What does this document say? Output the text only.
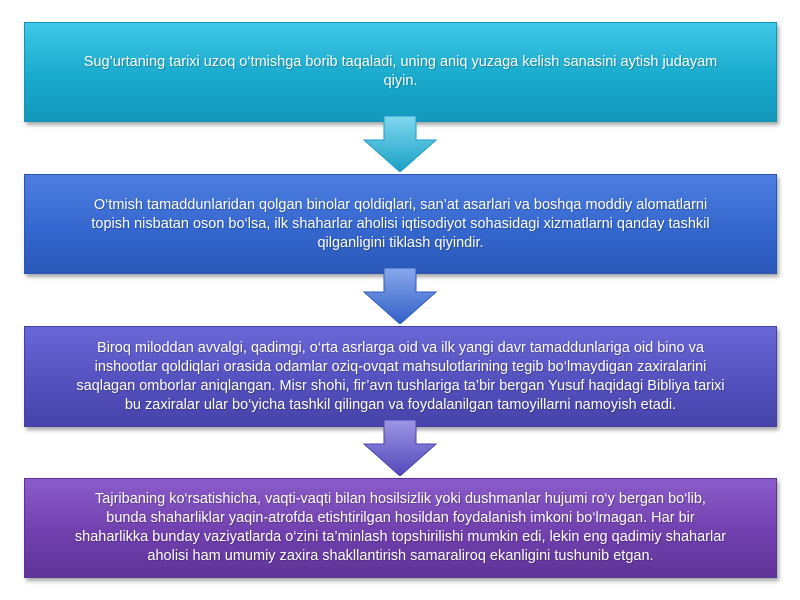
Sug’urtaning tarixi uzoq o‘tmishga borib taqaladi, uning aniq yuzaga kelish sanasini aytish judayam
qiyin.
O‘tmish tamaddunlaridan qolgan binolar qoldiqlari, san’at asarlari va boshqa moddiy alomatlarni
topish nisbatan oson bo‘lsa, ilk shaharlar aholisi iqtisodiyot sohasidagi xizmatlarni qanday tashkil
qilganligini tiklash qiyindir.
Biroq miloddan avvalgi, qadimgi, o‘rta asrlarga oid va ilk yangi davr tamaddunlariga oid bino va
inshootlar qoldiqlari orasida odamlar oziq-ovqat mahsulotlarining tegib bo‘lmaydigan zaxiralarini
saqlagan omborlar aniqlangan. Misr shohi, fir’avn tushlariga ta’bir bergan Yusuf haqidagi Bibliya tarixi
bu zaxiralar ular bo‘yicha tashkil qilingan va foydalanilgan tamoyillarni namoyish etadi.
Tajribaning ko‘rsatishicha, vaqti-vaqti bilan hosilsizlik yoki dushmanlar hujumi ro‘y bergan bo‘lib,
bunda shaharliklar yaqin-atrofda etishtirilgan hosildan foydalanish imkoni bo‘lmagan. Har bir
shaharlikka bunday vaziyatlarda o‘zini ta’minlash topshirilishi mumkin edi, lekin eng qadimiy shaharlar
aholisi ham umumiy zaxira shakllantirish samaraliroq ekanligini tushunib etgan.
